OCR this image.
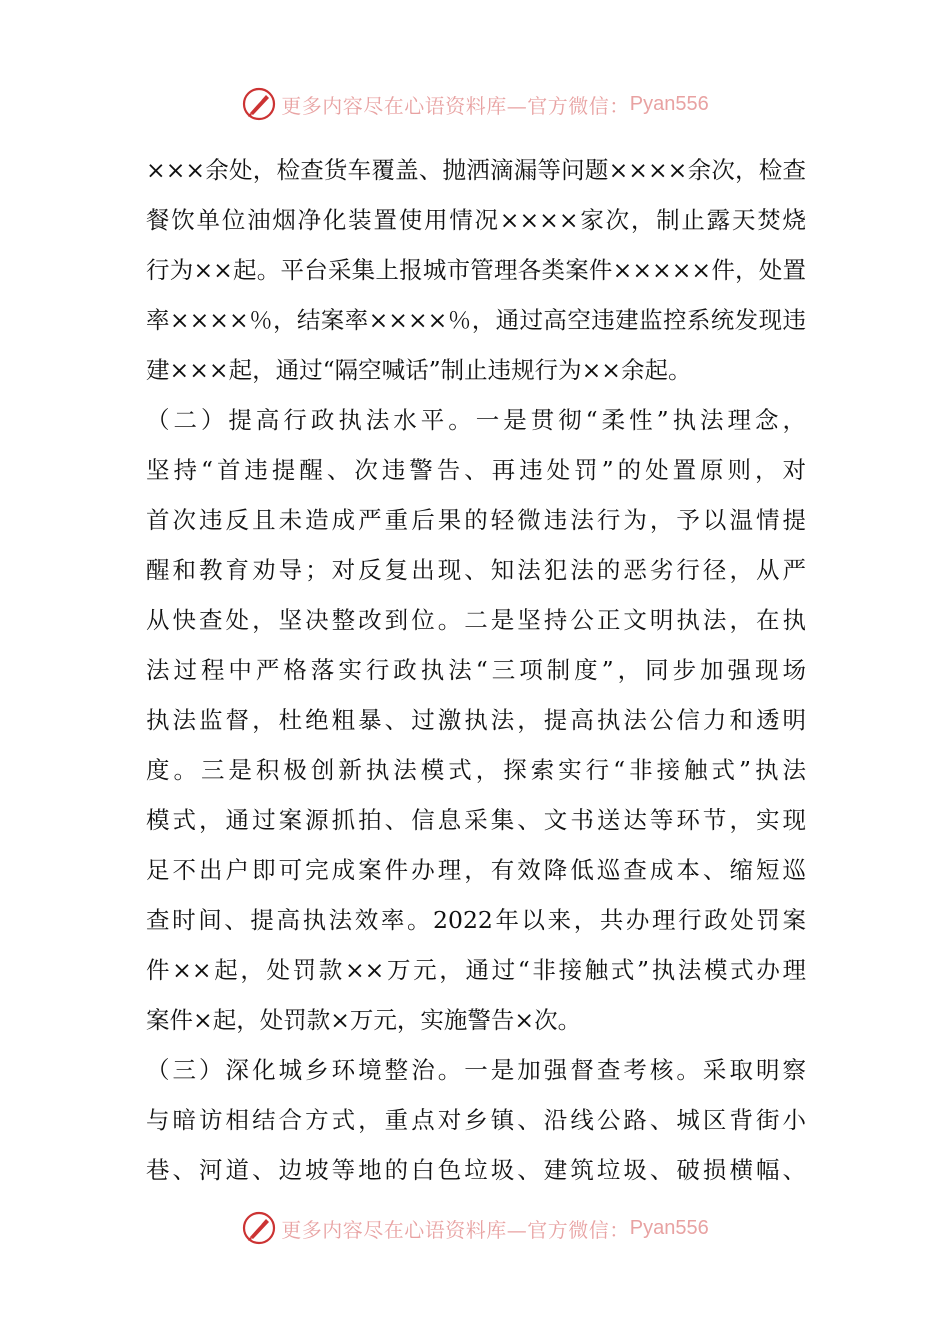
更多内容尽在心语资料库—官方微信： Pyan556
×××余处，检查货车覆盖、抛洒滴漏等问题××××余次，检查
餐饮单位油烟净化装置使用情况××××家次，制止露天焚烧
行为××起。平台采集上报城市管理各类案件×××××件，处置
率××××％，结案率××××％，通过高空违建监控系统发现违
建×××起，通过“隔空喊话”制止违规行为××余起。
（二）提高行政执法水平。一是贯彻“柔性”执法理念，
坚持“首违提醒、次违警告、再违处罚”的处置原则，对
首次违反且未造成严重后果的轻微违法行为，予以温情提
醒和教育劝导；对反复出现、知法犯法的恶劣行径，从严
从快查处，坚决整改到位。二是坚持公正文明执法，在执
法过程中严格落实行政执法“三项制度”，同步加强现场
执法监督，杜绝粗暴、过激执法，提高执法公信力和透明
度。三是积极创新执法模式，探索实行“非接触式”执法
模式，通过案源抓拍、信息采集、文书送达等环节，实现
足不出户即可完成案件办理，有效降低巡查成本、缩短巡
查时间、提高执法效率。2022年以来，共办理行政处罚案
件××起，处罚款××万元，通过“非接触式”执法模式办理
案件×起，处罚款×万元，实施警告×次。
（三）深化城乡环境整治。一是加强督查考核。采取明察
与暗访相结合方式，重点对乡镇、沿线公路、城区背街小
巷、河道、边坡等地的白色垃圾、建筑垃圾、破损横幅、
更多内容尽在心语资料库—官方微信： Pyan556
